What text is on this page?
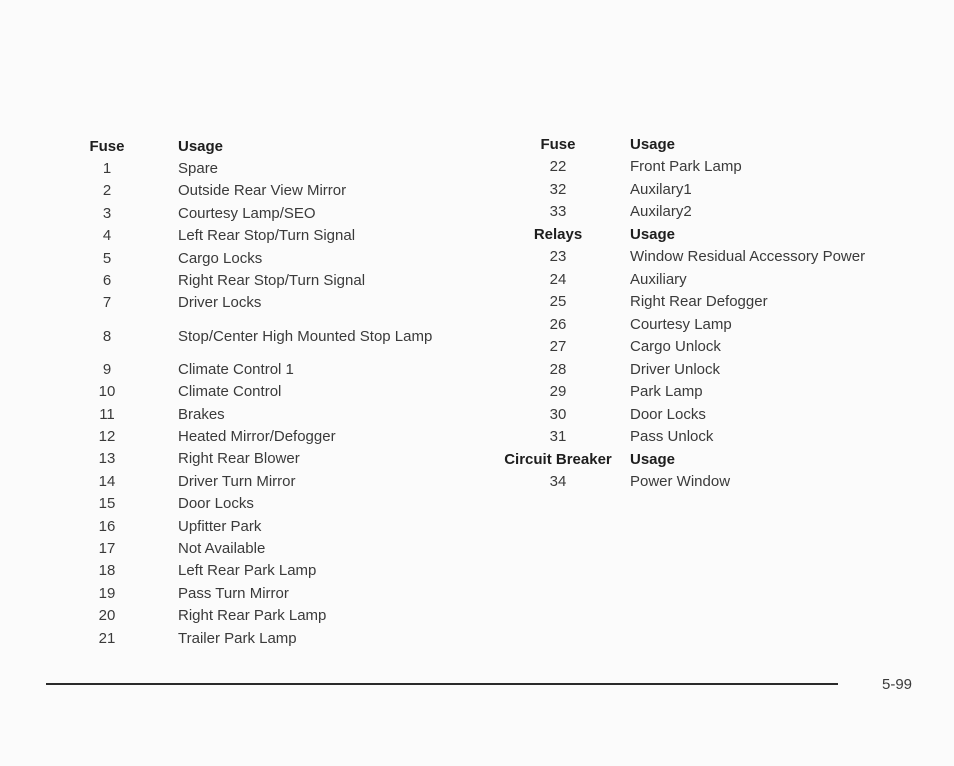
Fuse	Usage
1	Spare
2	Outside Rear View Mirror
3	Courtesy Lamp/SEO
4	Left Rear Stop/Turn Signal
5	Cargo Locks
6	Right Rear Stop/Turn Signal
7	Driver Locks
8	Stop/Center High Mounted Stop Lamp
9	Climate Control 1
10	Climate Control
11	Brakes
12	Heated Mirror/Defogger
13	Right Rear Blower
14	Driver Turn Mirror
15	Door Locks
16	Upfitter Park
17	Not Available
18	Left Rear Park Lamp
19	Pass Turn Mirror
20	Right Rear Park Lamp
21	Trailer Park Lamp
Fuse	Usage
22	Front Park Lamp
32	Auxilary1
33	Auxilary2
Relays	Usage
23	Window Residual Accessory Power
24	Auxiliary
25	Right Rear Defogger
26	Courtesy Lamp
27	Cargo Unlock
28	Driver Unlock
29	Park Lamp
30	Door Locks
31	Pass Unlock
Circuit Breaker	Usage
34	Power Window
5-99
